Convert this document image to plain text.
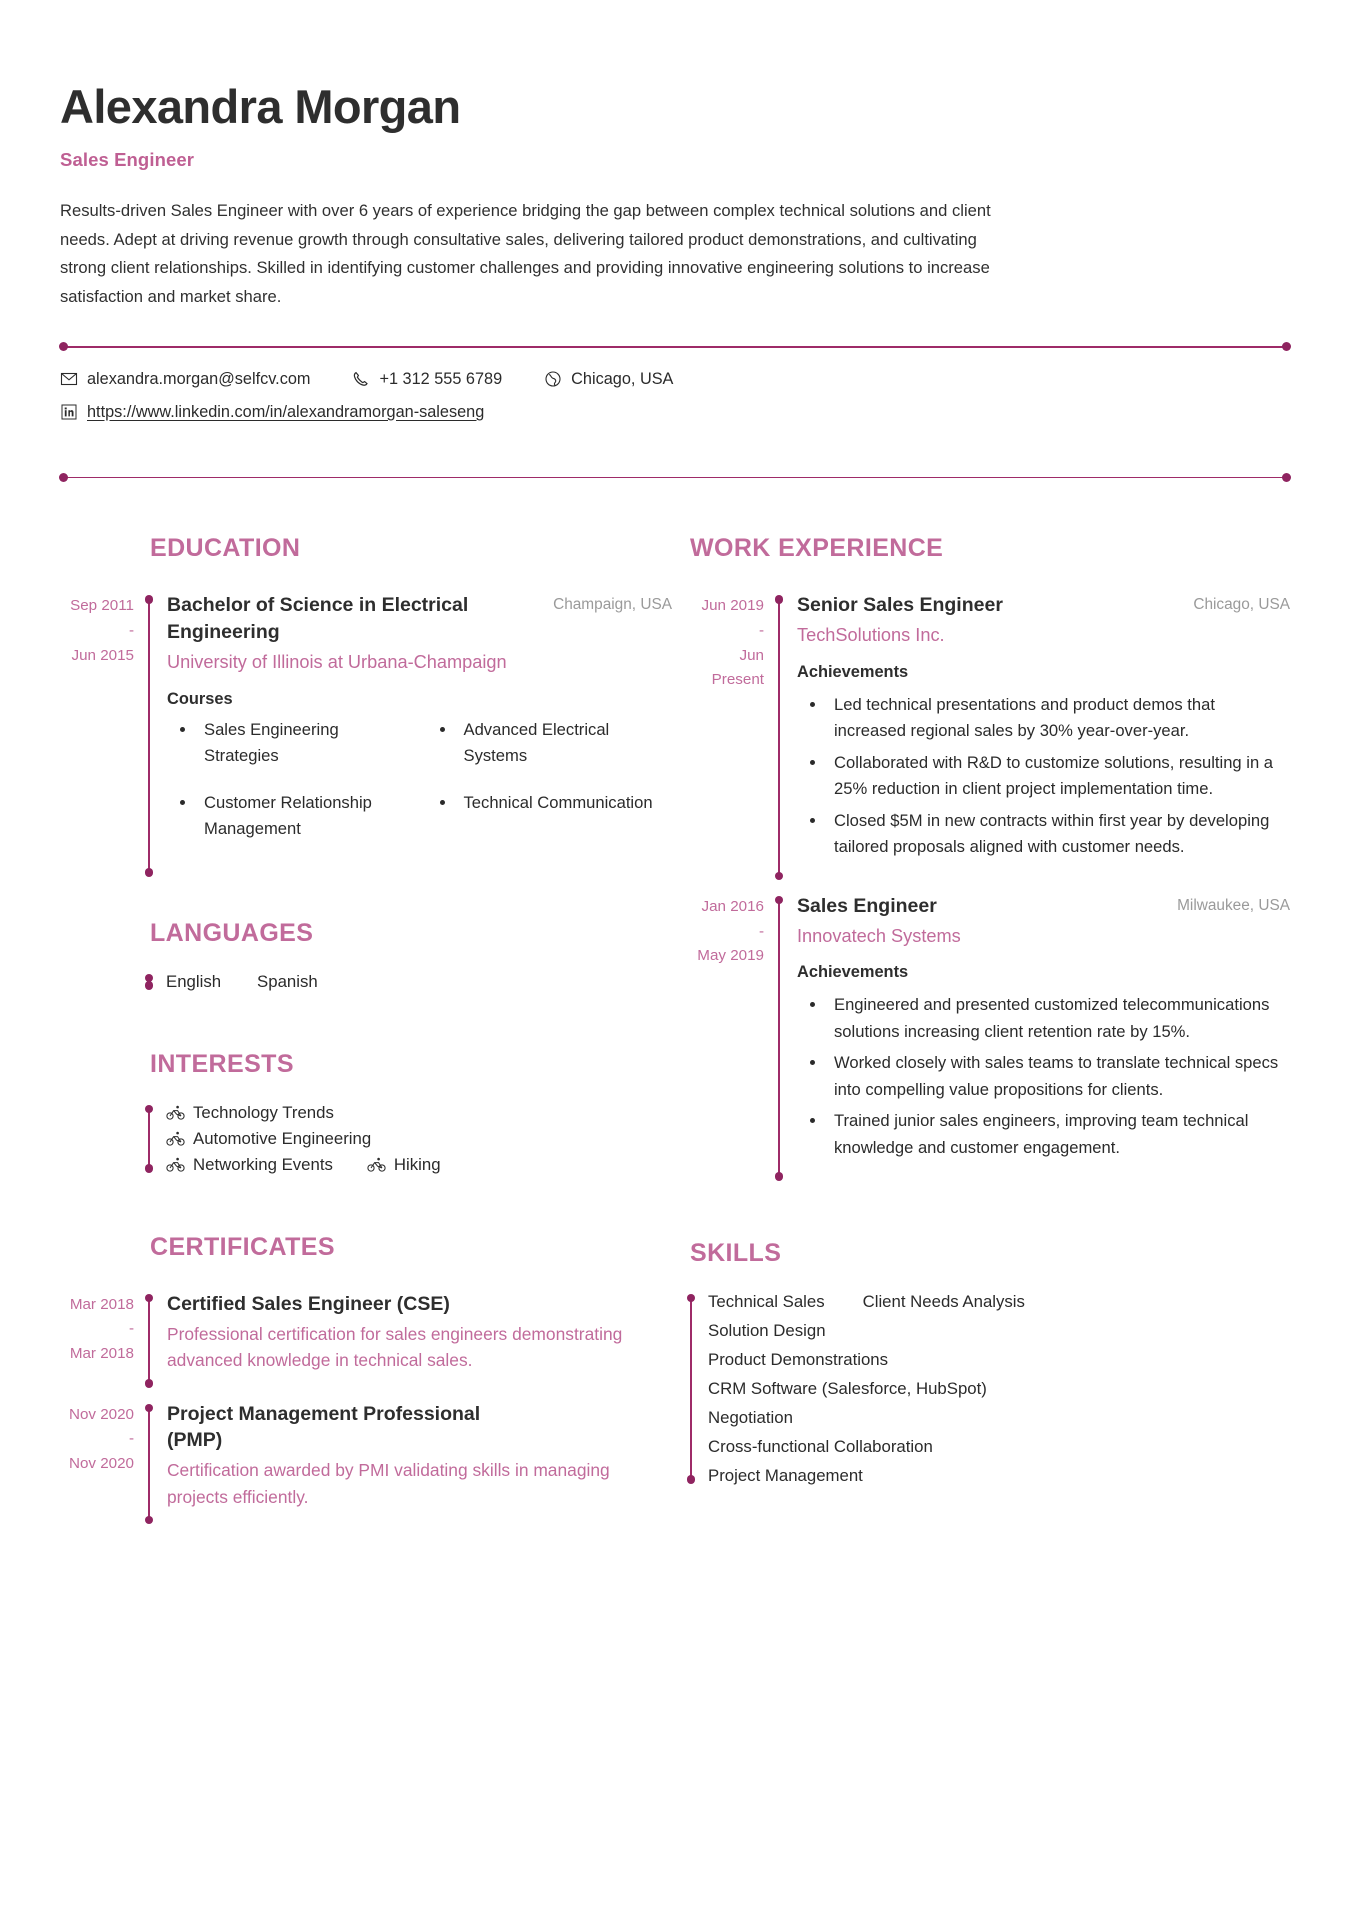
Alexandra Morgan
Sales Engineer

Results-driven Sales Engineer with over 6 years of experience bridging the gap between complex technical solutions and client needs. Adept at driving revenue growth through consultative sales, delivering tailored product demonstrations, and cultivating strong client relationships. Skilled in identifying customer challenges and providing innovative engineering solutions to increase satisfaction and market share.

alexandra.morgan@selfcv.com	+1 312 555 6789	Chicago, USA
https://www.linkedin.com/in/alexandramorgan-saleseng
EDUCATION
Sep 2011
-
Jun 2015
Bachelor of Science in Electrical Engineering
Champaign, USA
University of Illinois at Urbana-Champaign
Courses
• Sales Engineering Strategies
• Customer Relationship Management
• Advanced Electrical Systems
• Technical Communication
LANGUAGES
English Spanish
INTERESTS
Technology Trends
Automotive Engineering
Networking Events	Hiking
CERTIFICATES
Mar 2018
-
Mar 2018
Certified Sales Engineer (CSE)
Professional certification for sales engineers demonstrating advanced knowledge in technical sales.
Nov 2020
-
Nov 2020
Project Management Professional (PMP)
Certification awarded by PMI validating skills in managing projects efficiently.
WORK EXPERIENCE
Jun 2019
-
Jun
Present
Senior Sales Engineer	Chicago, USA
TechSolutions Inc.
Achievements
• Led technical presentations and product demos that increased regional sales by 30% year-over-year.
• Collaborated with R&D to customize solutions, resulting in a 25% reduction in client project implementation time.
• Closed $5M in new contracts within first year by developing tailored proposals aligned with customer needs.
Jan 2016
-
May 2019
Sales Engineer	Milwaukee, USA
Innovatech Systems
Achievements
• Engineered and presented customized telecommunications solutions increasing client retention rate by 15%.
• Worked closely with sales teams to translate technical specs into compelling value propositions for clients.
• Trained junior sales engineers, improving team technical knowledge and customer engagement.
SKILLS
Technical Sales Client Needs Analysis
Solution Design
Product Demonstrations
CRM Software (Salesforce, HubSpot)
Negotiation
Cross-functional Collaboration
Project Management
